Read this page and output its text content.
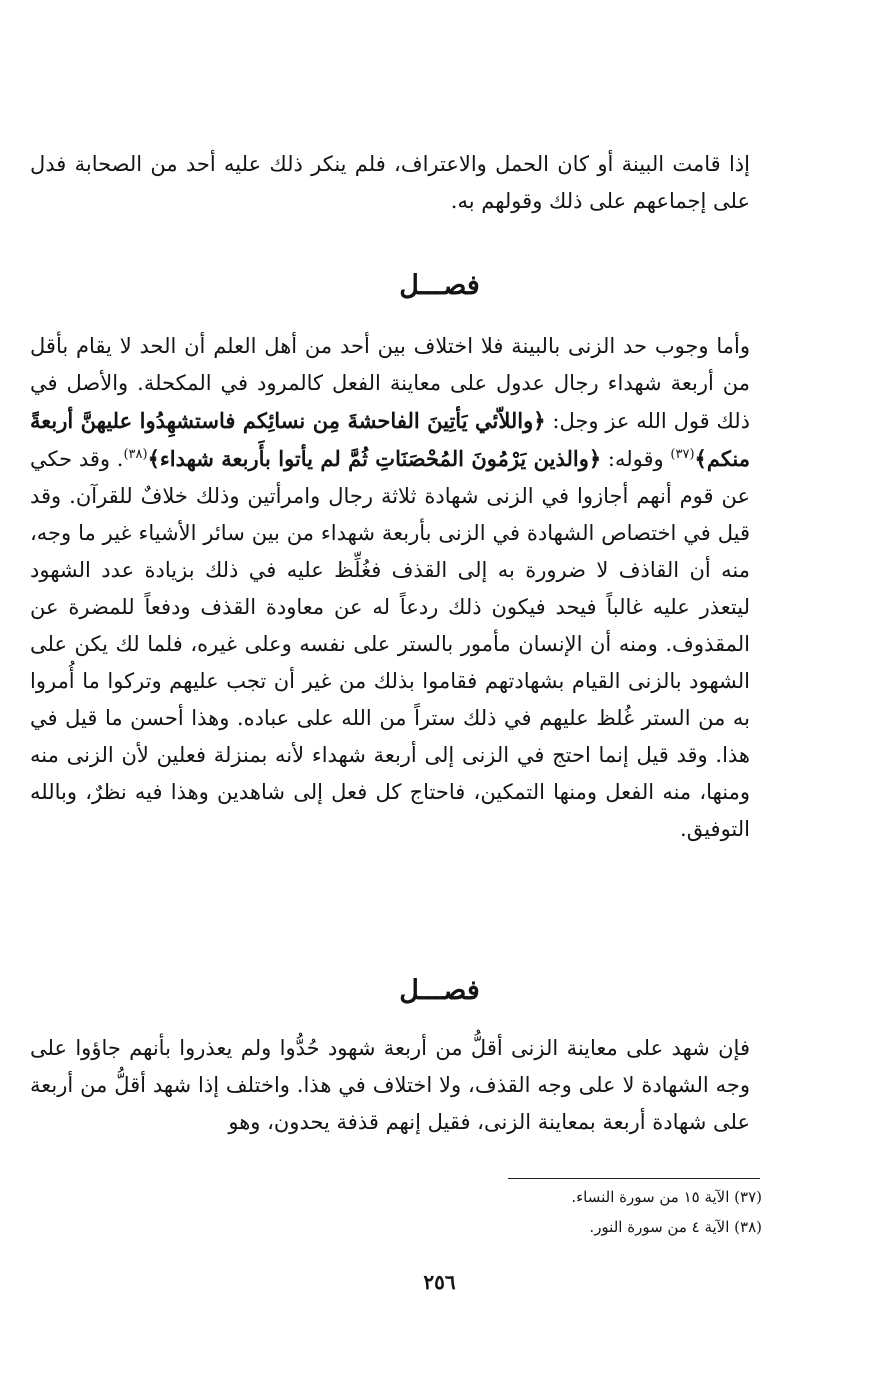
إذا قامت البينة أو كان الحمل والاعتراف، فلم ينكر ذلك عليه أحد من الصحابة فدل على إجماعهم على ذلك وقولهم به.

فصـــل

وأما وجوب حد الزنى بالبينة فلا اختلاف بين أحد من أهل العلم أن الحد لا يقام بأقل من أربعة شهداء رجال عدول على معاينة الفعل كالمرود في المكحلة. والأصل في ذلك قول الله عز وجل: ﴿واللاّئي يَأتِينَ الفاحشةَ مِن نسائِكم فاستشهِدُوا عليهنَّ أربعةً منكم﴾$^{(٣٧)}$ وقوله: ﴿والذين يَرْمُونَ المُحْصَنَاتِ ثُمَّ لم يأتوا بأَربعة شهداء﴾$^{(٣٨)}$. وقد حكي عن قوم أنهم أجازوا في الزنى شهادة ثلاثة رجال وامرأتين وذلك خلافٌ للقرآن. وقد قيل في اختصاص الشهادة في الزنى بأربعة شهداء من بين سائر الأشياء غير ما وجه، منه أن القاذف لا ضرورة به إلى القذف فغُلِّظ عليه في ذلك بزيادة عدد الشهود ليتعذر عليه غالباً فيحد فيكون ذلك ردعاً له عن معاودة القذف ودفعاً للمضرة عن المقذوف. ومنه أن الإنسان مأمور بالستر على نفسه وعلى غيره، فلما لك يكن على الشهود بالزنى القيام بشهادتهم فقاموا بذلك من غير أن تجب عليهم وتركوا ما أُمروا به من الستر غُلظ عليهم في ذلك ستراً من الله على عباده. وهذا أحسن ما قيل في هذا. وقد قيل إنما احتج في الزنى إلى أربعة شهداء لأنه بمنزلة فعلين لأن الزنى منه ومنها، منه الفعل ومنها التمكين، فاحتاج كل فعل إلى شاهدين وهذا فيه نظرٌ، وبالله التوفيق.

فصـــل

فإن شهد على معاينة الزنى أقلُّ من أربعة شهود حُدُّوا ولم يعذروا بأنهم جاؤوا على وجه الشهادة لا على وجه القذف، ولا اختلاف في هذا. واختلف إذا شهد أقلُّ من أربعة على شهادة أربعة بمعاينة الزنى، فقيل إنهم قذفة يحدون، وهو

(٣٧) الآية ١٥ من سورة النساء.

(٣٨) الآية ٤ من سورة النور.

٢٥٦
